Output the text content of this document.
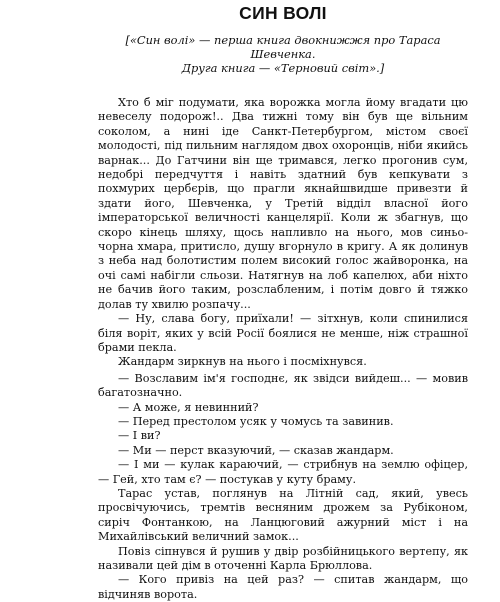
СИН ВОЛІ
[«Син волі» — перша книга двокнижжя про Тараса Шевченка.
Друга книга — «Терновий світ».]

Хто б міг подумати, яка ворожка могла йому вгадати цю невеселу подорож!.. Два тижні тому він був ще вільним соколом, а нині іде Санкт-Петербургом, містом своєї молодості, під пильним наглядом двох охоронців, ніби якийсь варнак... До Гатчини він ще тримався, легко прогонив сум, недобрі передчуття і навіть здатний був кепкувати з похмурих цербєрів, що прагли якнайшвидше привезти й здати його, Шевченка, у Третій відділ власної його імператорської величності канцелярії. Коли ж збагнув, що скоро кінець шляху, щось напливло на нього, мов синьо-чорна хмара, притисло, душу вгорнуло в кригу. А як долинув з неба над болотистим полем високий голос жайворонка, на очі самі набігли сльози. Натягнув на лоб капелюх, аби ніхто не бачив його таким, розслабленим, і потім довго й тяжко долав ту хвилю розпачу...

— Ну, слава богу, приїхали! — зітхнув, коли спинилися біля воріт, яких у всій Росії боялися не менше, ніж страшної брами пекла.

Жандарм зиркнув на нього і посміхнувся.

— Возславим ім'я господнє, як звідси вийдеш... — мовив багатозначно.

— А може, я невинний?

— Перед престолом усяк у чомусь та завинив.

— І ви?

— Ми — перст вказуючий, — сказав жандарм.

— І ми — кулак караючий, — стрибнув на землю офіцер, — Гей, хто там є? — постукав у куту браму.

Тарас устав, поглянув на Літній сад, який, увесь просвічуючись, тремтів весняним дрожем за Рубіконом, сиріч Фонтанкою, на Ланцюговий ажурний міст і на Михайлівський величний замок...

Повіз сіпнувся й рушив у двір розбійницького вертепу, як називали цей дім в оточенні Карла Брюллова.

— Кого привіз на цей раз? — спитав жандарм, що відчиняв ворота.
